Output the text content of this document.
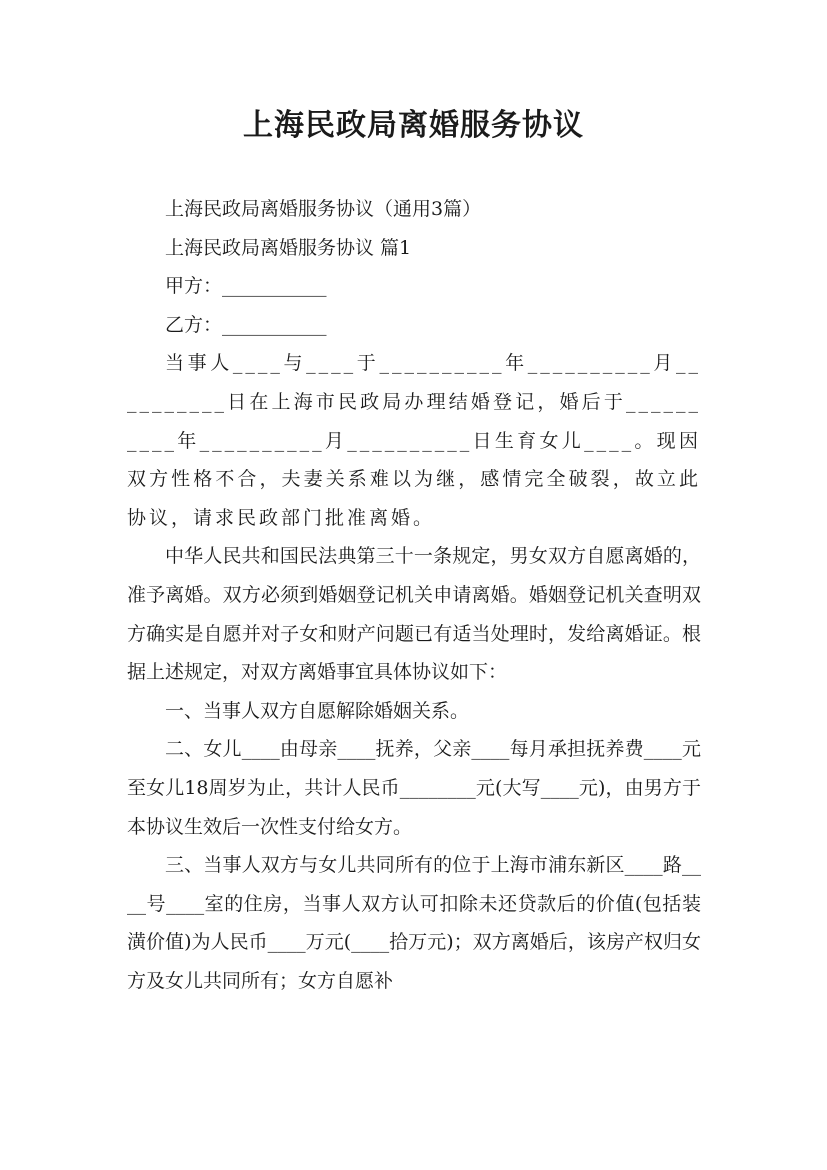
上海民政局离婚服务协议

上海民政局离婚服务协议（通用3篇）

上海民政局离婚服务协议 篇1

甲方：___________

乙方：___________

当事人____与____于__________年__________月__________日在上海市民政局办理结婚登记，婚后于__________年__________月__________日生育女儿____。现因双方性格不合，夫妻关系难以为继，感情完全破裂，故立此协议，请求民政部门批准离婚。

中华人民共和国民法典第三十一条规定，男女双方自愿离婚的，准予离婚。双方必须到婚姻登记机关申请离婚。婚姻登记机关查明双方确实是自愿并对子女和财产问题已有适当处理时，发给离婚证。根据上述规定，对双方离婚事宜具体协议如下：

一、当事人双方自愿解除婚姻关系。

二、女儿____由母亲____抚养，父亲____每月承担抚养费____元至女儿18周岁为止，共计人民币________元(大写____元)，由男方于本协议生效后一次性支付给女方。

三、当事人双方与女儿共同所有的位于上海市浦东新区____路____号____室的住房，当事人双方认可扣除未还贷款后的价值(包括装潢价值)为人民币____万元(____拾万元)；双方离婚后，该房产权归女方及女儿共同所有；女方自愿补
